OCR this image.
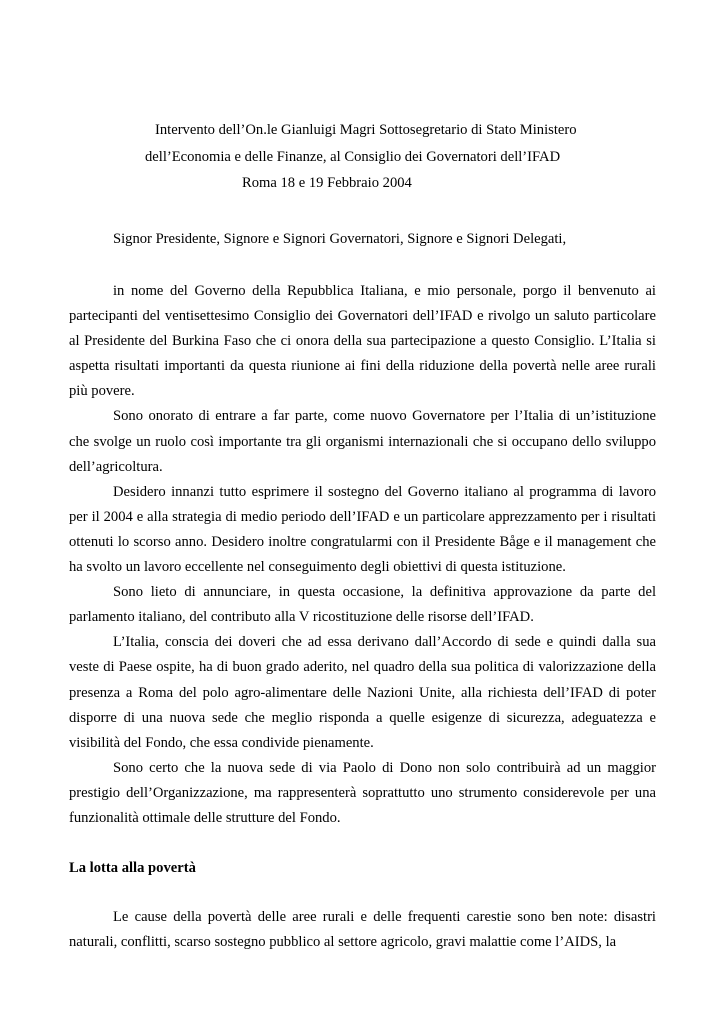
Intervento dell’On.le Gianluigi Magri Sottosegretario di Stato Ministero
dell’Economia e delle Finanze, al Consiglio dei Governatori dell’IFAD
Roma 18 e 19 Febbraio 2004
Signor Presidente, Signore e Signori Governatori, Signore e Signori Delegati,

in nome del Governo della Repubblica Italiana, e mio personale, porgo il benvenuto ai partecipanti del ventisettesimo Consiglio dei Governatori dell’IFAD e rivolgo un saluto particolare al Presidente del Burkina Faso che ci onora della sua partecipazione a questo Consiglio. L’Italia si aspetta risultati importanti da questa riunione ai fini della riduzione della povertà nelle aree rurali più povere.

Sono onorato di entrare a far parte, come nuovo Governatore per l’Italia di un’istituzione che svolge un ruolo così importante tra gli organismi internazionali che si occupano dello sviluppo dell’agricoltura.

Desidero innanzi tutto esprimere il sostegno del Governo italiano al programma di lavoro per il 2004 e alla strategia di medio periodo dell’IFAD e un particolare apprezzamento per i risultati ottenuti lo scorso anno. Desidero inoltre congratularmi con il Presidente Båge e il management che ha svolto un lavoro eccellente nel conseguimento degli obiettivi di questa istituzione.

Sono lieto di annunciare, in questa occasione, la definitiva approvazione da parte del parlamento italiano, del contributo alla V ricostituzione delle risorse dell’IFAD.

L’Italia, conscia dei doveri che ad essa derivano dall’Accordo di sede e quindi dalla sua veste di Paese ospite, ha di buon grado aderito, nel quadro della sua politica di valorizzazione della presenza a Roma del polo agro-alimentare delle Nazioni Unite, alla richiesta dell’IFAD di poter disporre di una nuova sede che meglio risponda a quelle esigenze di sicurezza, adeguatezza e visibilità del Fondo, che essa condivide pienamente.

Sono certo che la nuova sede di via Paolo di Dono non solo contribuirà ad un maggior prestigio dell’Organizzazione, ma rappresenterà soprattutto uno strumento considerevole per una funzionalità ottimale delle strutture del Fondo.

La lotta alla povertà

Le cause della povertà delle aree rurali e delle frequenti carestie sono ben note: disastri naturali, conflitti, scarso sostegno pubblico al settore agricolo, gravi malattie come l’AIDS, la
